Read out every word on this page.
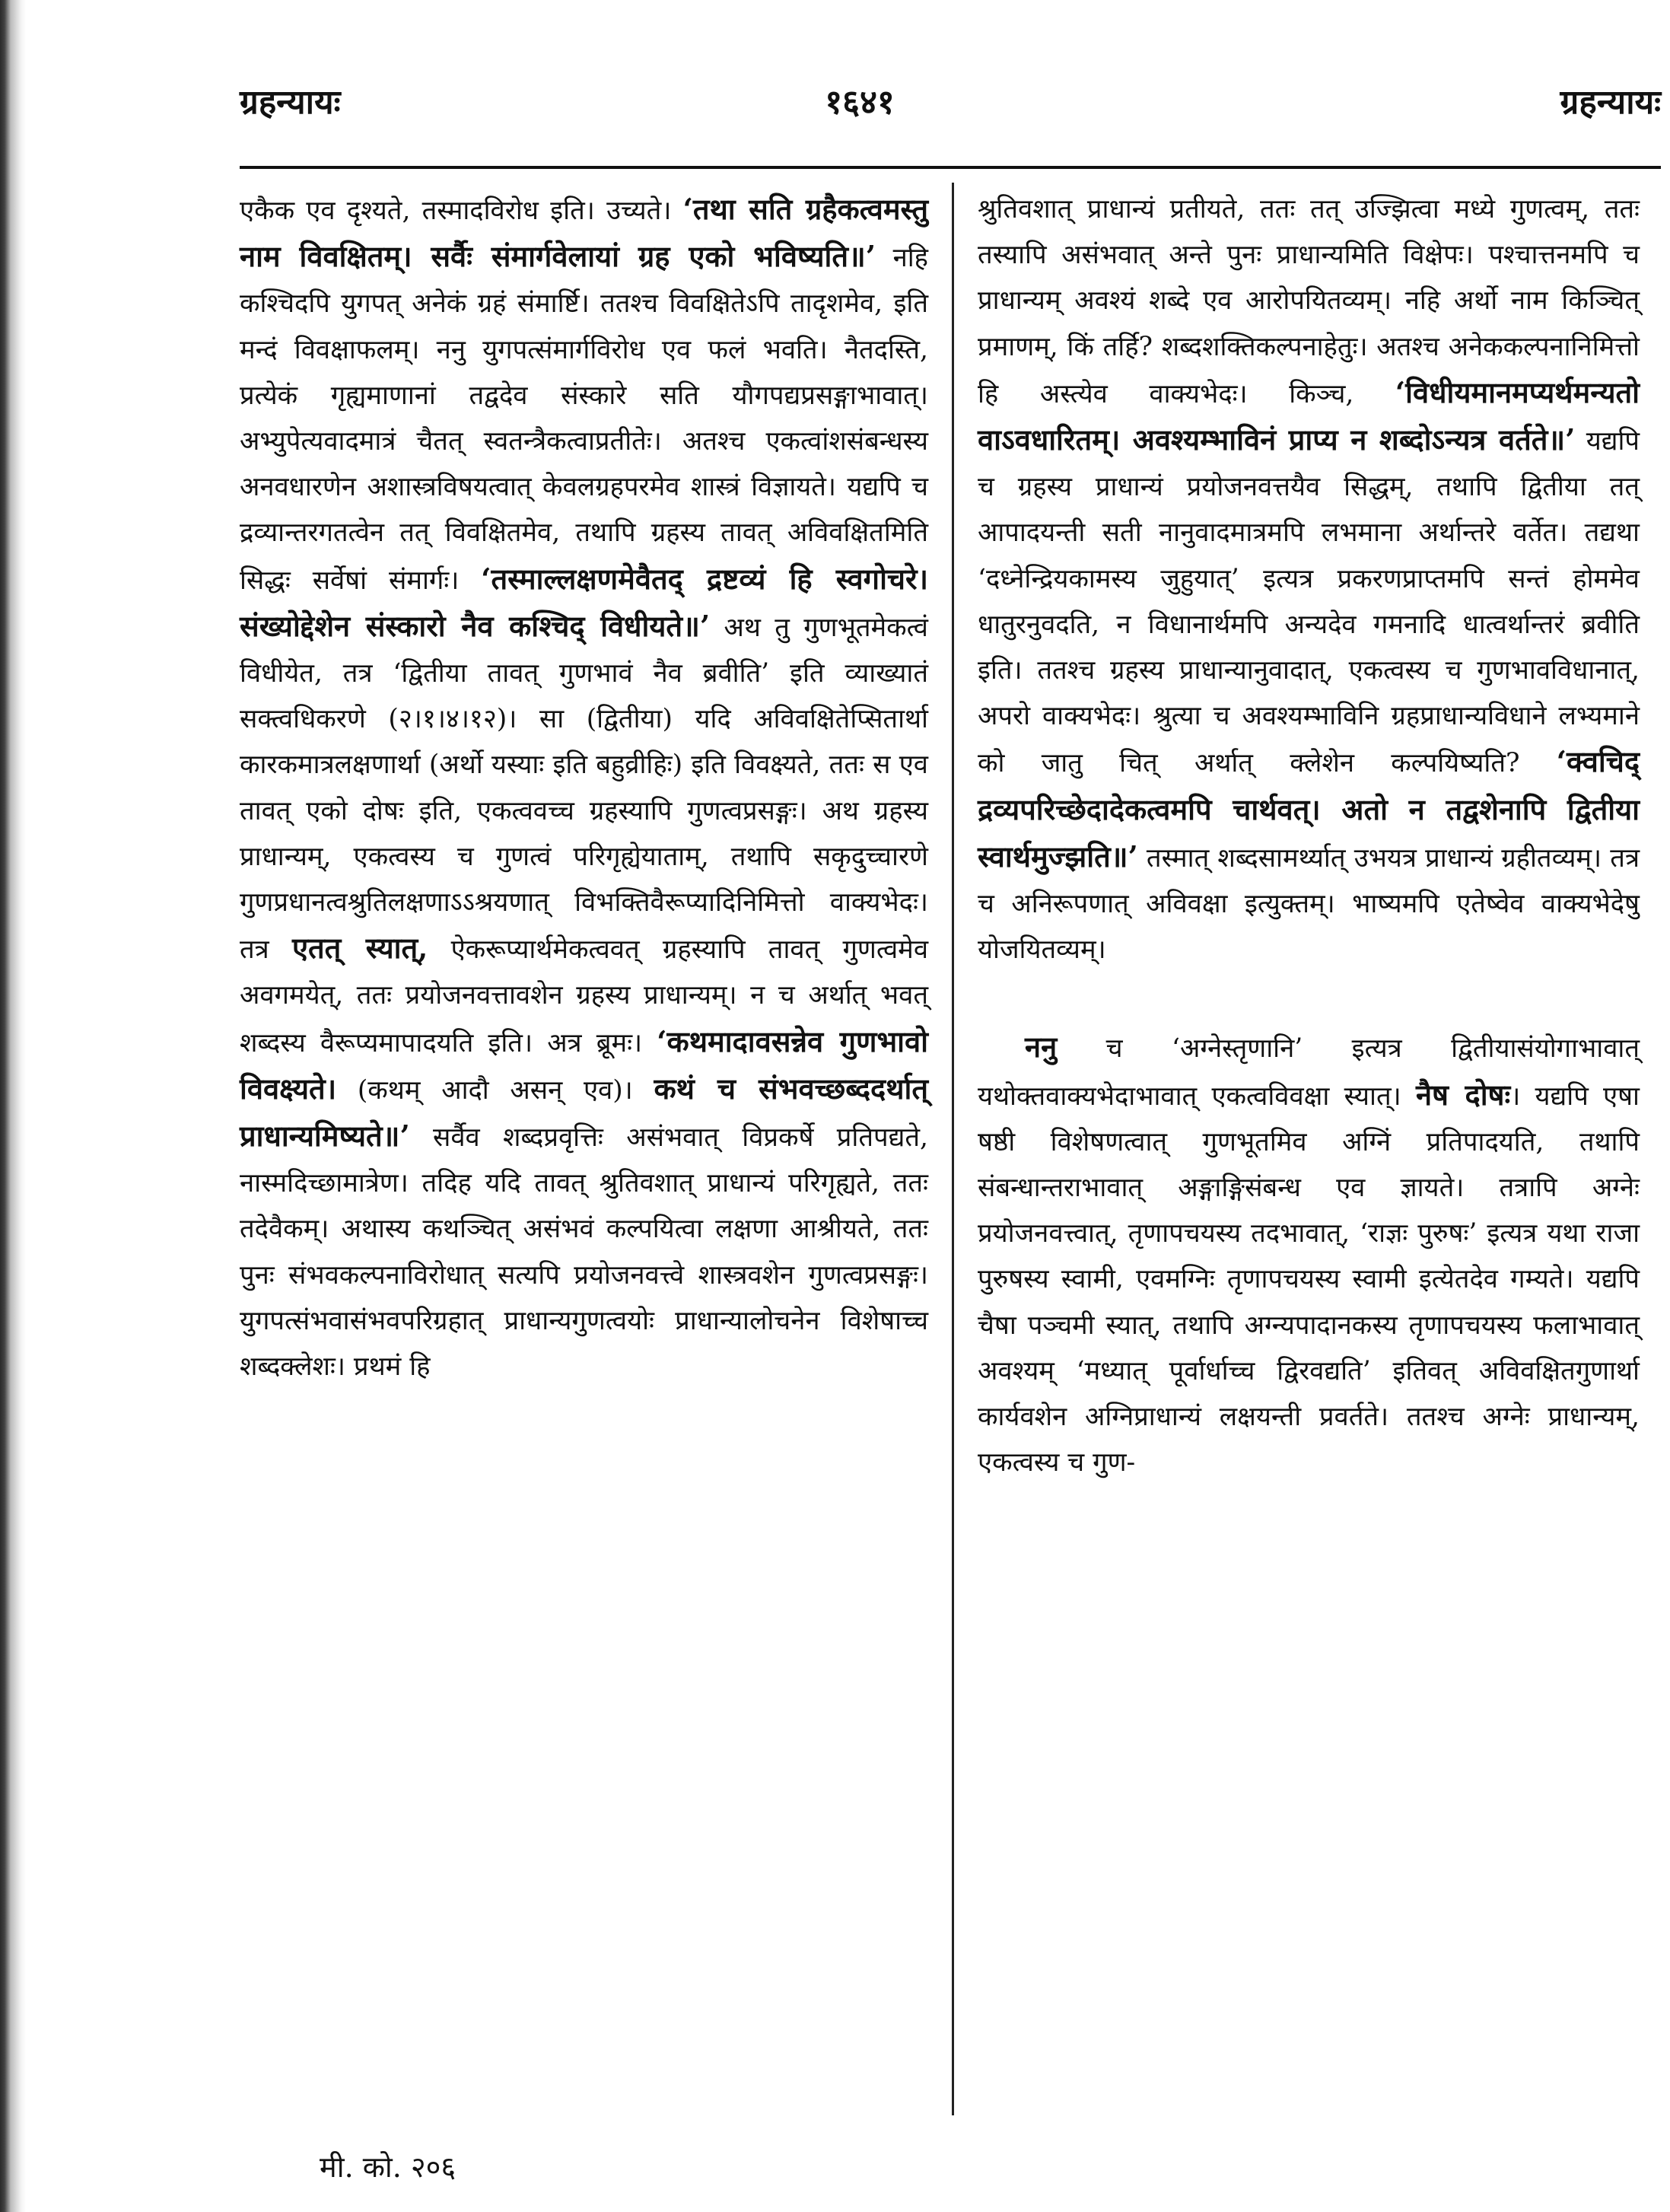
ग्रहन्यायः	१६४१	ग्रहन्यायः

एकैक एव दृश्यते, तस्मादविरोध इति। उच्यते। ‘तथा सति ग्रहैकत्वमस्तु नाम विवक्षितम्। सर्वैः संमार्गवेलायां ग्रह एको भविष्यति॥’ नहि कश्चिदपि युगपत् अनेकं ग्रहं संमार्ष्टि। ततश्च विवक्षितेऽपि तादृशमेव, इति मन्दं विवक्षाफलम्। ननु युगपत्संमार्गविरोध एव फलं भवति। नैतदस्ति, प्रत्येकं गृह्यमाणानां तद्वदेव संस्कारे सति यौगपद्यप्रसङ्गाभावात्। अभ्युपेत्यवादमात्रं चैतत् स्वतन्त्रैकत्वाप्रतीतेः। अतश्च एकत्वांशसंबन्धस्य अनवधारणेन अशास्त्रविषयत्वात् केवलग्रहपरमेव शास्त्रं विज्ञायते। यद्यपि च द्रव्यान्तरगतत्वेन तत् विवक्षितमेव, तथापि ग्रहस्य तावत् अविवक्षितमिति सिद्धः सर्वेषां संमार्गः। ‘तस्माल्लक्षणमेवैतद् द्रष्टव्यं हि स्वगोचरे। संख्योद्देशेन संस्कारो नैव कश्चिद् विधीयते॥’ अथ तु गुणभूतमेकत्वं विधीयेत, तत्र ‘द्वितीया तावत् गुणभावं नैव ब्रवीति’ इति व्याख्यातं सक्त्वधिकरणे (२।१।४।१२)। सा (द्वितीया) यदि अविवक्षितेप्सितार्था कारकमात्रलक्षणार्था (अर्थो यस्याः इति बहुव्रीहिः) इति विवक्ष्यते, ततः स एव तावत् एको दोषः इति, एकत्ववच्च ग्रहस्यापि गुणत्वप्रसङ्गः। अथ ग्रहस्य प्राधान्यम्, एकत्वस्य च गुणत्वं परिगृह्येयाताम्, तथापि सकृदुच्चारणे गुणप्रधानत्वश्रुतिलक्षणाऽऽश्रयणात् विभक्तिवैरूप्यादिनिमित्तो वाक्यभेदः। तत्र एतत् स्यात्, ऐकरूप्यार्थमेकत्ववत् ग्रहस्यापि तावत् गुणत्वमेव अवगमयेत्, ततः प्रयोजनवत्तावशेन ग्रहस्य प्राधान्यम्। न च अर्थात् भवत् शब्दस्य वैरूप्यमापादयति इति। अत्र ब्रूमः। ‘कथमादावसन्नेव गुणभावो विवक्ष्यते। (कथम् आदौ असन् एव)। कथं च संभवच्छब्ददर्थात् प्राधान्यमिष्यते॥’ सर्वैव शब्दप्रवृत्तिः असंभवात् विप्रकर्षे प्रतिपद्यते, नास्मदिच्छामात्रेण। तदिह यदि तावत् श्रुतिवशात् प्राधान्यं परिगृह्यते, ततः तदेवैकम्। अथास्य कथञ्चित् असंभवं कल्पयित्वा लक्षणा आश्रीयते, ततः पुनः संभवकल्पनाविरोधात् सत्यपि प्रयोजनवत्त्वे शास्त्रवशेन गुणत्वप्रसङ्गः। युगपत्संभवासंभवपरिग्रहात् प्राधान्यगुणत्वयोः प्राधान्यालोचनेन विशेषाच्च शब्दक्लेशः। प्रथमं हि

श्रुतिवशात् प्राधान्यं प्रतीयते, ततः तत् उज्झित्वा मध्ये गुणत्वम्, ततः तस्यापि असंभवात् अन्ते पुनः प्राधान्यमिति विक्षेपः। पश्चात्तनमपि च प्राधान्यम् अवश्यं शब्दे एव आरोपयितव्यम्। नहि अर्थो नाम किञ्चित् प्रमाणम्, किं तर्हि? शब्दशक्तिकल्पनाहेतुः। अतश्च अनेककल्पनानिमित्तो हि अस्त्येव वाक्यभेदः। किञ्च, ‘विधीयमानमप्यर्थमन्यतो वाऽवधारितम्। अवश्यम्भाविनं प्राप्य न शब्दोऽन्यत्र वर्तते॥’ यद्यपि च ग्रहस्य प्राधान्यं प्रयोजनवत्तयैव सिद्धम्, तथापि द्वितीया तत् आपादयन्ती सती नानुवादमात्रमपि लभमाना अर्थान्तरे वर्तेत। तद्यथा ‘दध्नेन्द्रियकामस्य जुहुयात्’ इत्यत्र प्रकरणप्राप्तमपि सन्तं होममेव धातुरनुवदति, न विधानार्थमपि अन्यदेव गमनादि धात्वर्थान्तरं ब्रवीति इति। ततश्च ग्रहस्य प्राधान्यानुवादात्, एकत्वस्य च गुणभावविधानात्, अपरो वाक्यभेदः। श्रुत्या च अवश्यम्भाविनि ग्रहप्राधान्यविधाने लभ्यमाने को जातु चित् अर्थात् क्लेशेन कल्पयिष्यति? ‘क्वचिद् द्रव्यपरिच्छेदादेकत्वमपि चार्थवत्। अतो न तद्वशेनापि द्वितीया स्वार्थमुज्झति॥’ तस्मात् शब्दसामर्थ्यात् उभयत्र प्राधान्यं ग्रहीतव्यम्। तत्र च अनिरूपणात् अविवक्षा इत्युक्तम्। भाष्यमपि एतेष्वेव वाक्यभेदेषु योजयितव्यम्।

ननु च ‘अग्नेस्तृणानि’ इत्यत्र द्वितीयासंयोगाभावात् यथोक्तवाक्यभेदाभावात् एकत्वविवक्षा स्यात्। नैष दोषः। यद्यपि एषा षष्ठी विशेषणत्वात् गुणभूतमिव अग्निं प्रतिपादयति, तथापि संबन्धान्तराभावात् अङ्गाङ्गिसंबन्ध एव ज्ञायते। तत्रापि अग्नेः प्रयोजनवत्त्वात्, तृणापचयस्य तदभावात्, ‘राज्ञः पुरुषः’ इत्यत्र यथा राजा पुरुषस्य स्वामी, एवमग्निः तृणापचयस्य स्वामी इत्येतदेव गम्यते। यद्यपि चैषा पञ्चमी स्यात्, तथापि अग्न्यपादानकस्य तृणापचयस्य फलाभावात् अवश्यम् ‘मध्यात् पूर्वार्धाच्च द्विरवद्यति’ इतिवत् अविवक्षितगुणार्था कार्यवशेन अग्निप्राधान्यं लक्षयन्ती प्रवर्तते। ततश्च अग्नेः प्राधान्यम्, एकत्वस्य च गुण-

मी. को. २०६
